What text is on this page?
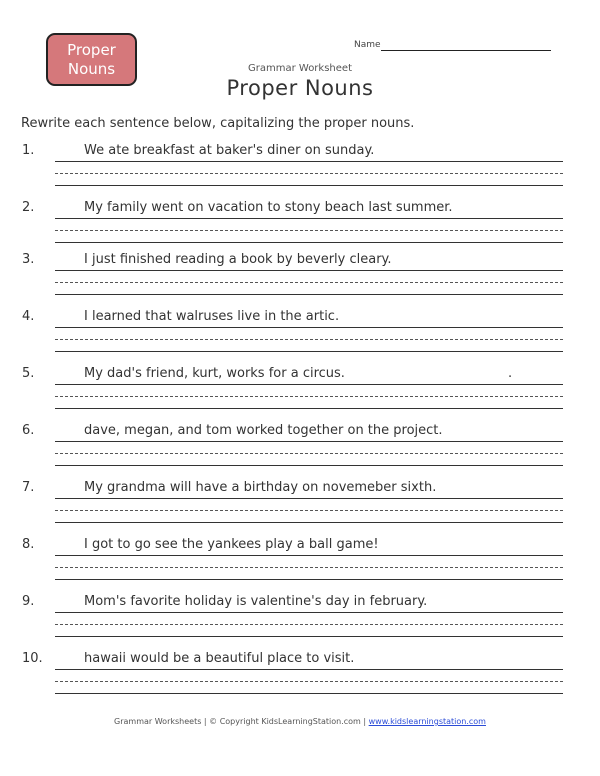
Proper
Nouns
Name
Grammar Worksheet
Proper Nouns
Rewrite each sentence below, capitalizing the proper nouns.
1.	We ate breakfast at baker's diner on sunday.
2.	My family went on vacation to stony beach last summer.
3.	I just finished reading a book by beverly cleary.
4.	I learned that walruses live in the artic.
5.	My dad's friend, kurt, works for a circus.	.
6.	dave, megan, and tom worked together on the project.
7.	My grandma will have a birthday on novemeber sixth.
8.	I got to go see the yankees play a ball game!
9.	Mom's favorite holiday is valentine's day in february.
10.	hawaii would be a beautiful place to visit.
Grammar Worksheets | © Copyright KidsLearningStation.com | www.kidslearningstation.com
